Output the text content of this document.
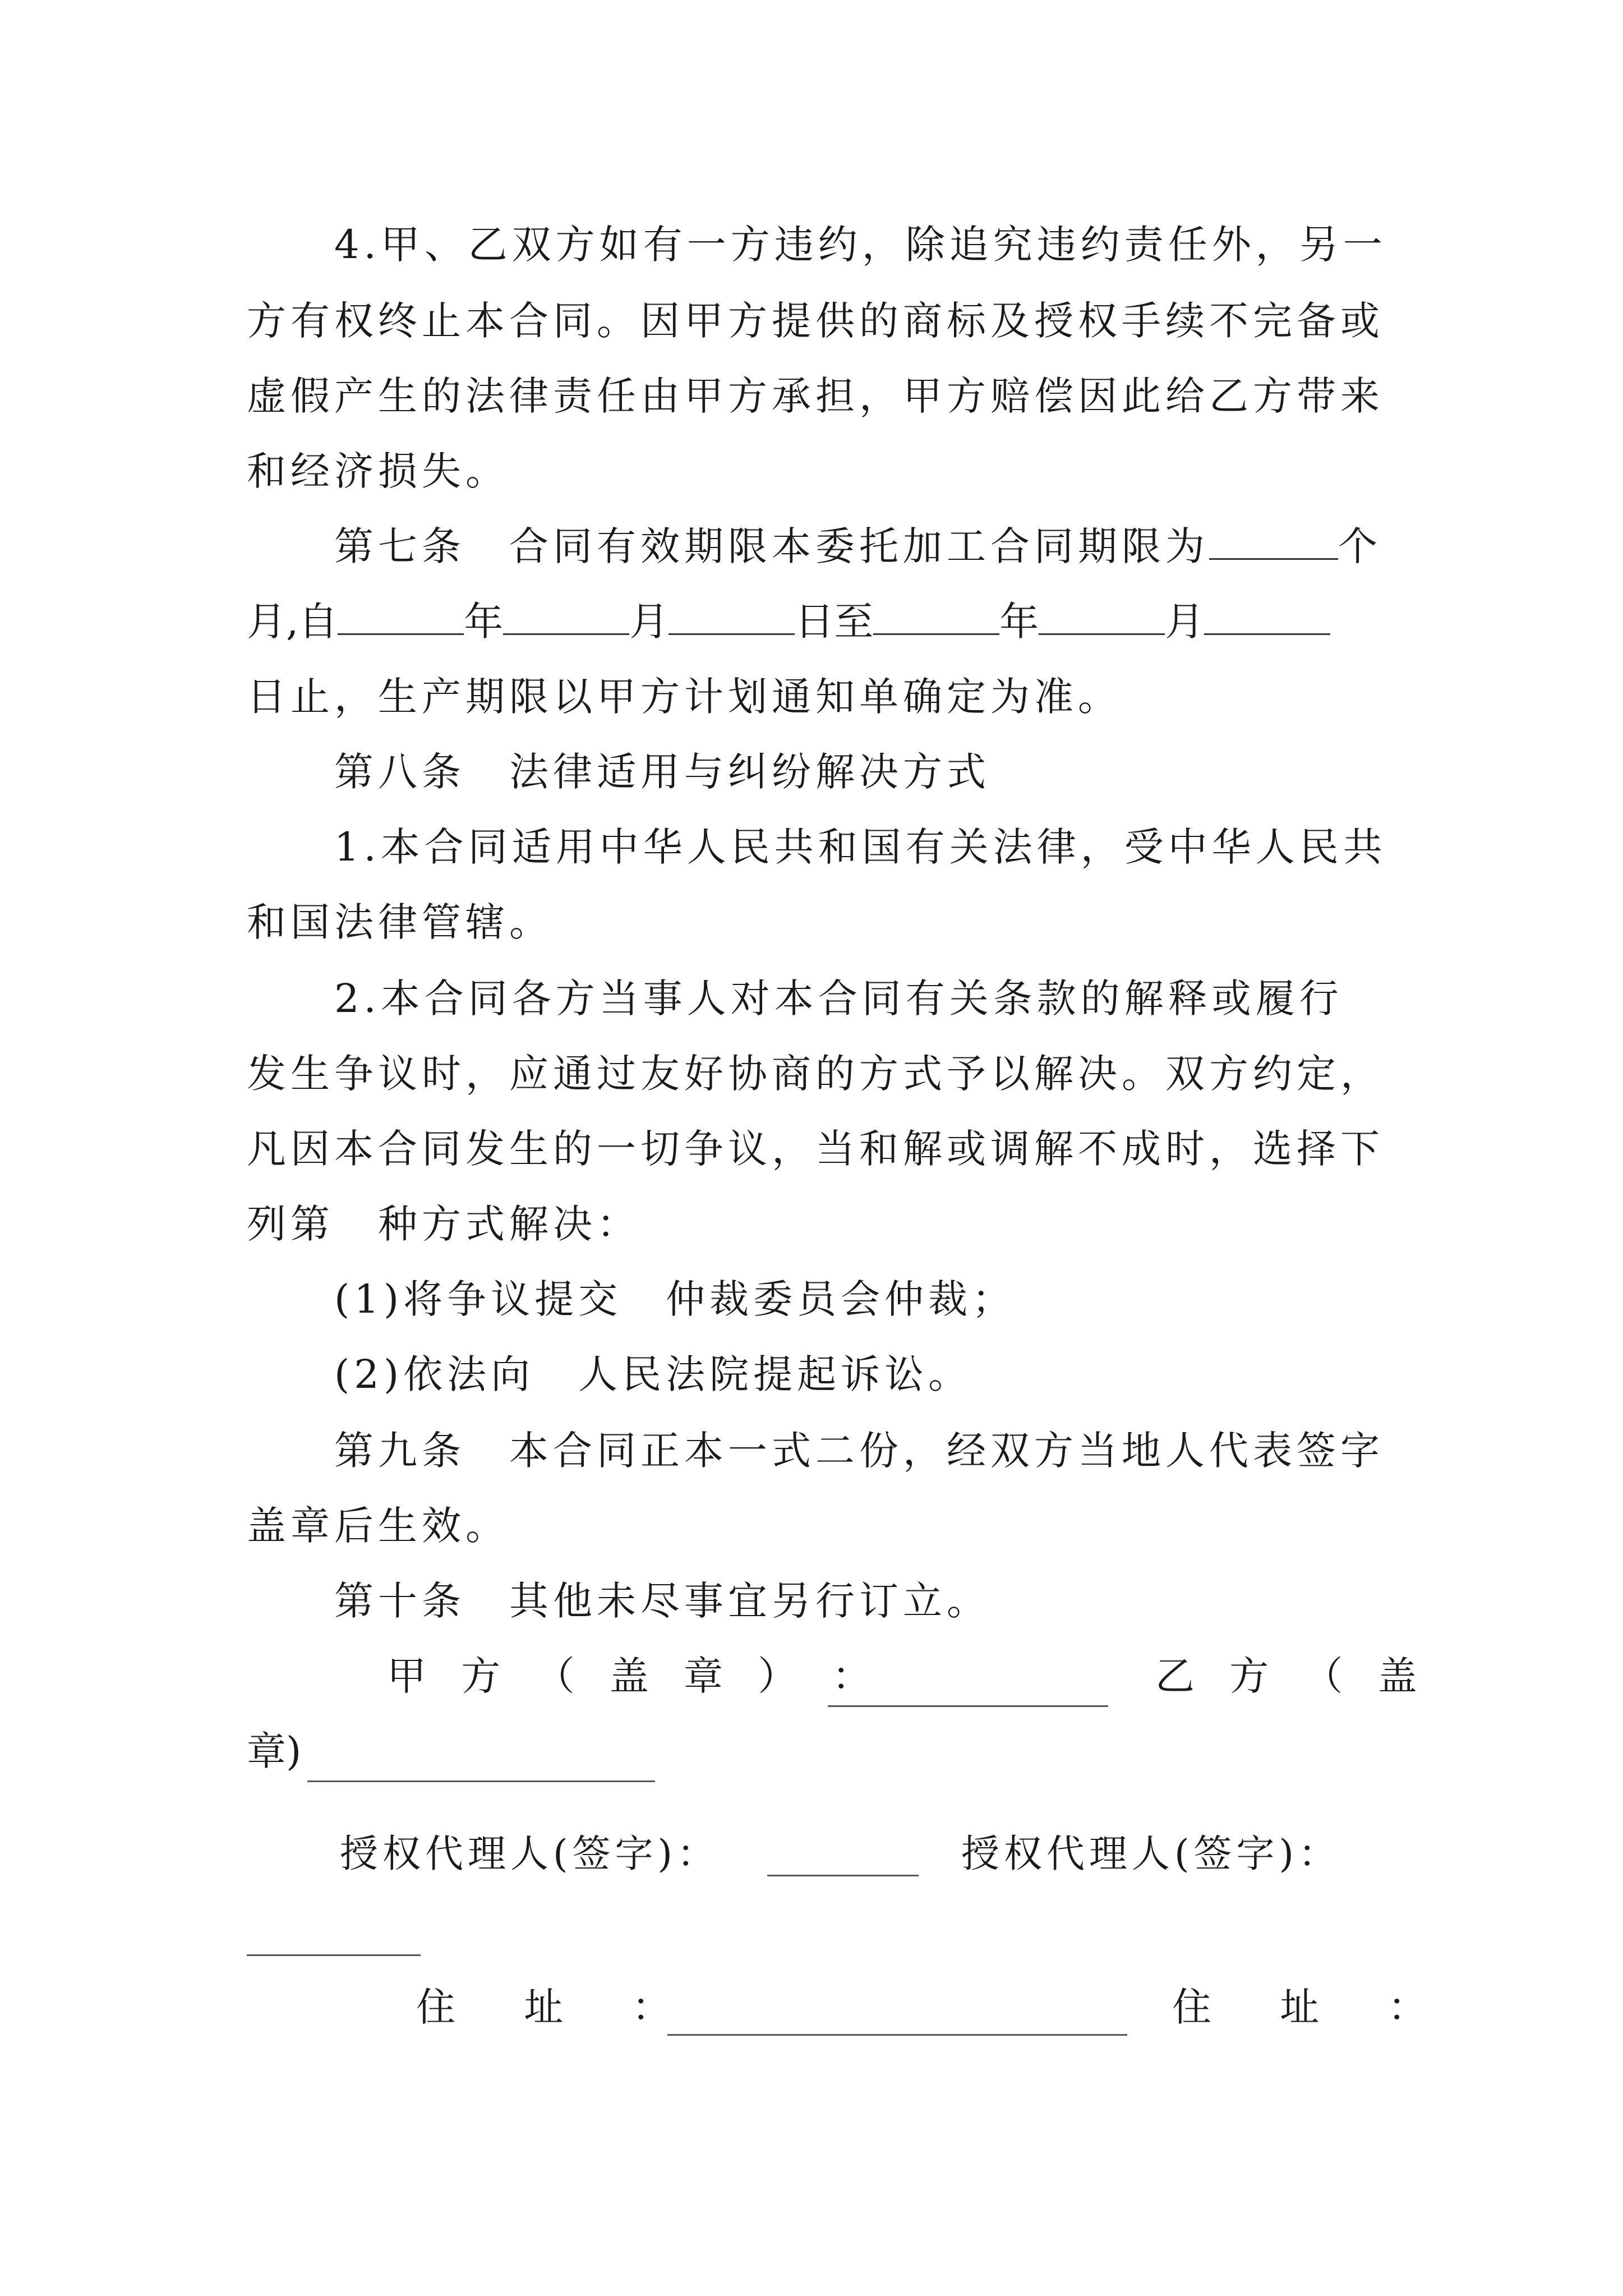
4.甲、乙双方如有一方违约，除追究违约责任外，另一
方有权终止本合同。因甲方提供的商标及授权手续不完备或
虚假产生的法律责任由甲方承担，甲方赔偿因此给乙方带来
和经济损失。
第七条　合同有效期限本委托加工合同期限为	个
月,自	年	月	日至	年	月
日止，生产期限以甲方计划通知单确定为准。
第八条　法律适用与纠纷解决方式
1.本合同适用中华人民共和国有关法律，受中华人民共
和国法律管辖。
2.本合同各方当事人对本合同有关条款的解释或履行
发生争议时，应通过友好协商的方式予以解决。双方约定，
凡因本合同发生的一切争议，当和解或调解不成时，选择下
列第　种方式解决：
(1)将争议提交　仲裁委员会仲裁；
(2)依法向　人民法院提起诉讼。
第九条　本合同正本一式二份，经双方当地人代表签字
盖章后生效。
第十条　其他未尽事宜另行订立。
甲 方 （ 盖 章 ） ：	乙 方 （ 盖
章)
授权代理人(签字)：	授权代理人(签字)：
住 址 ：	住 址 ：
